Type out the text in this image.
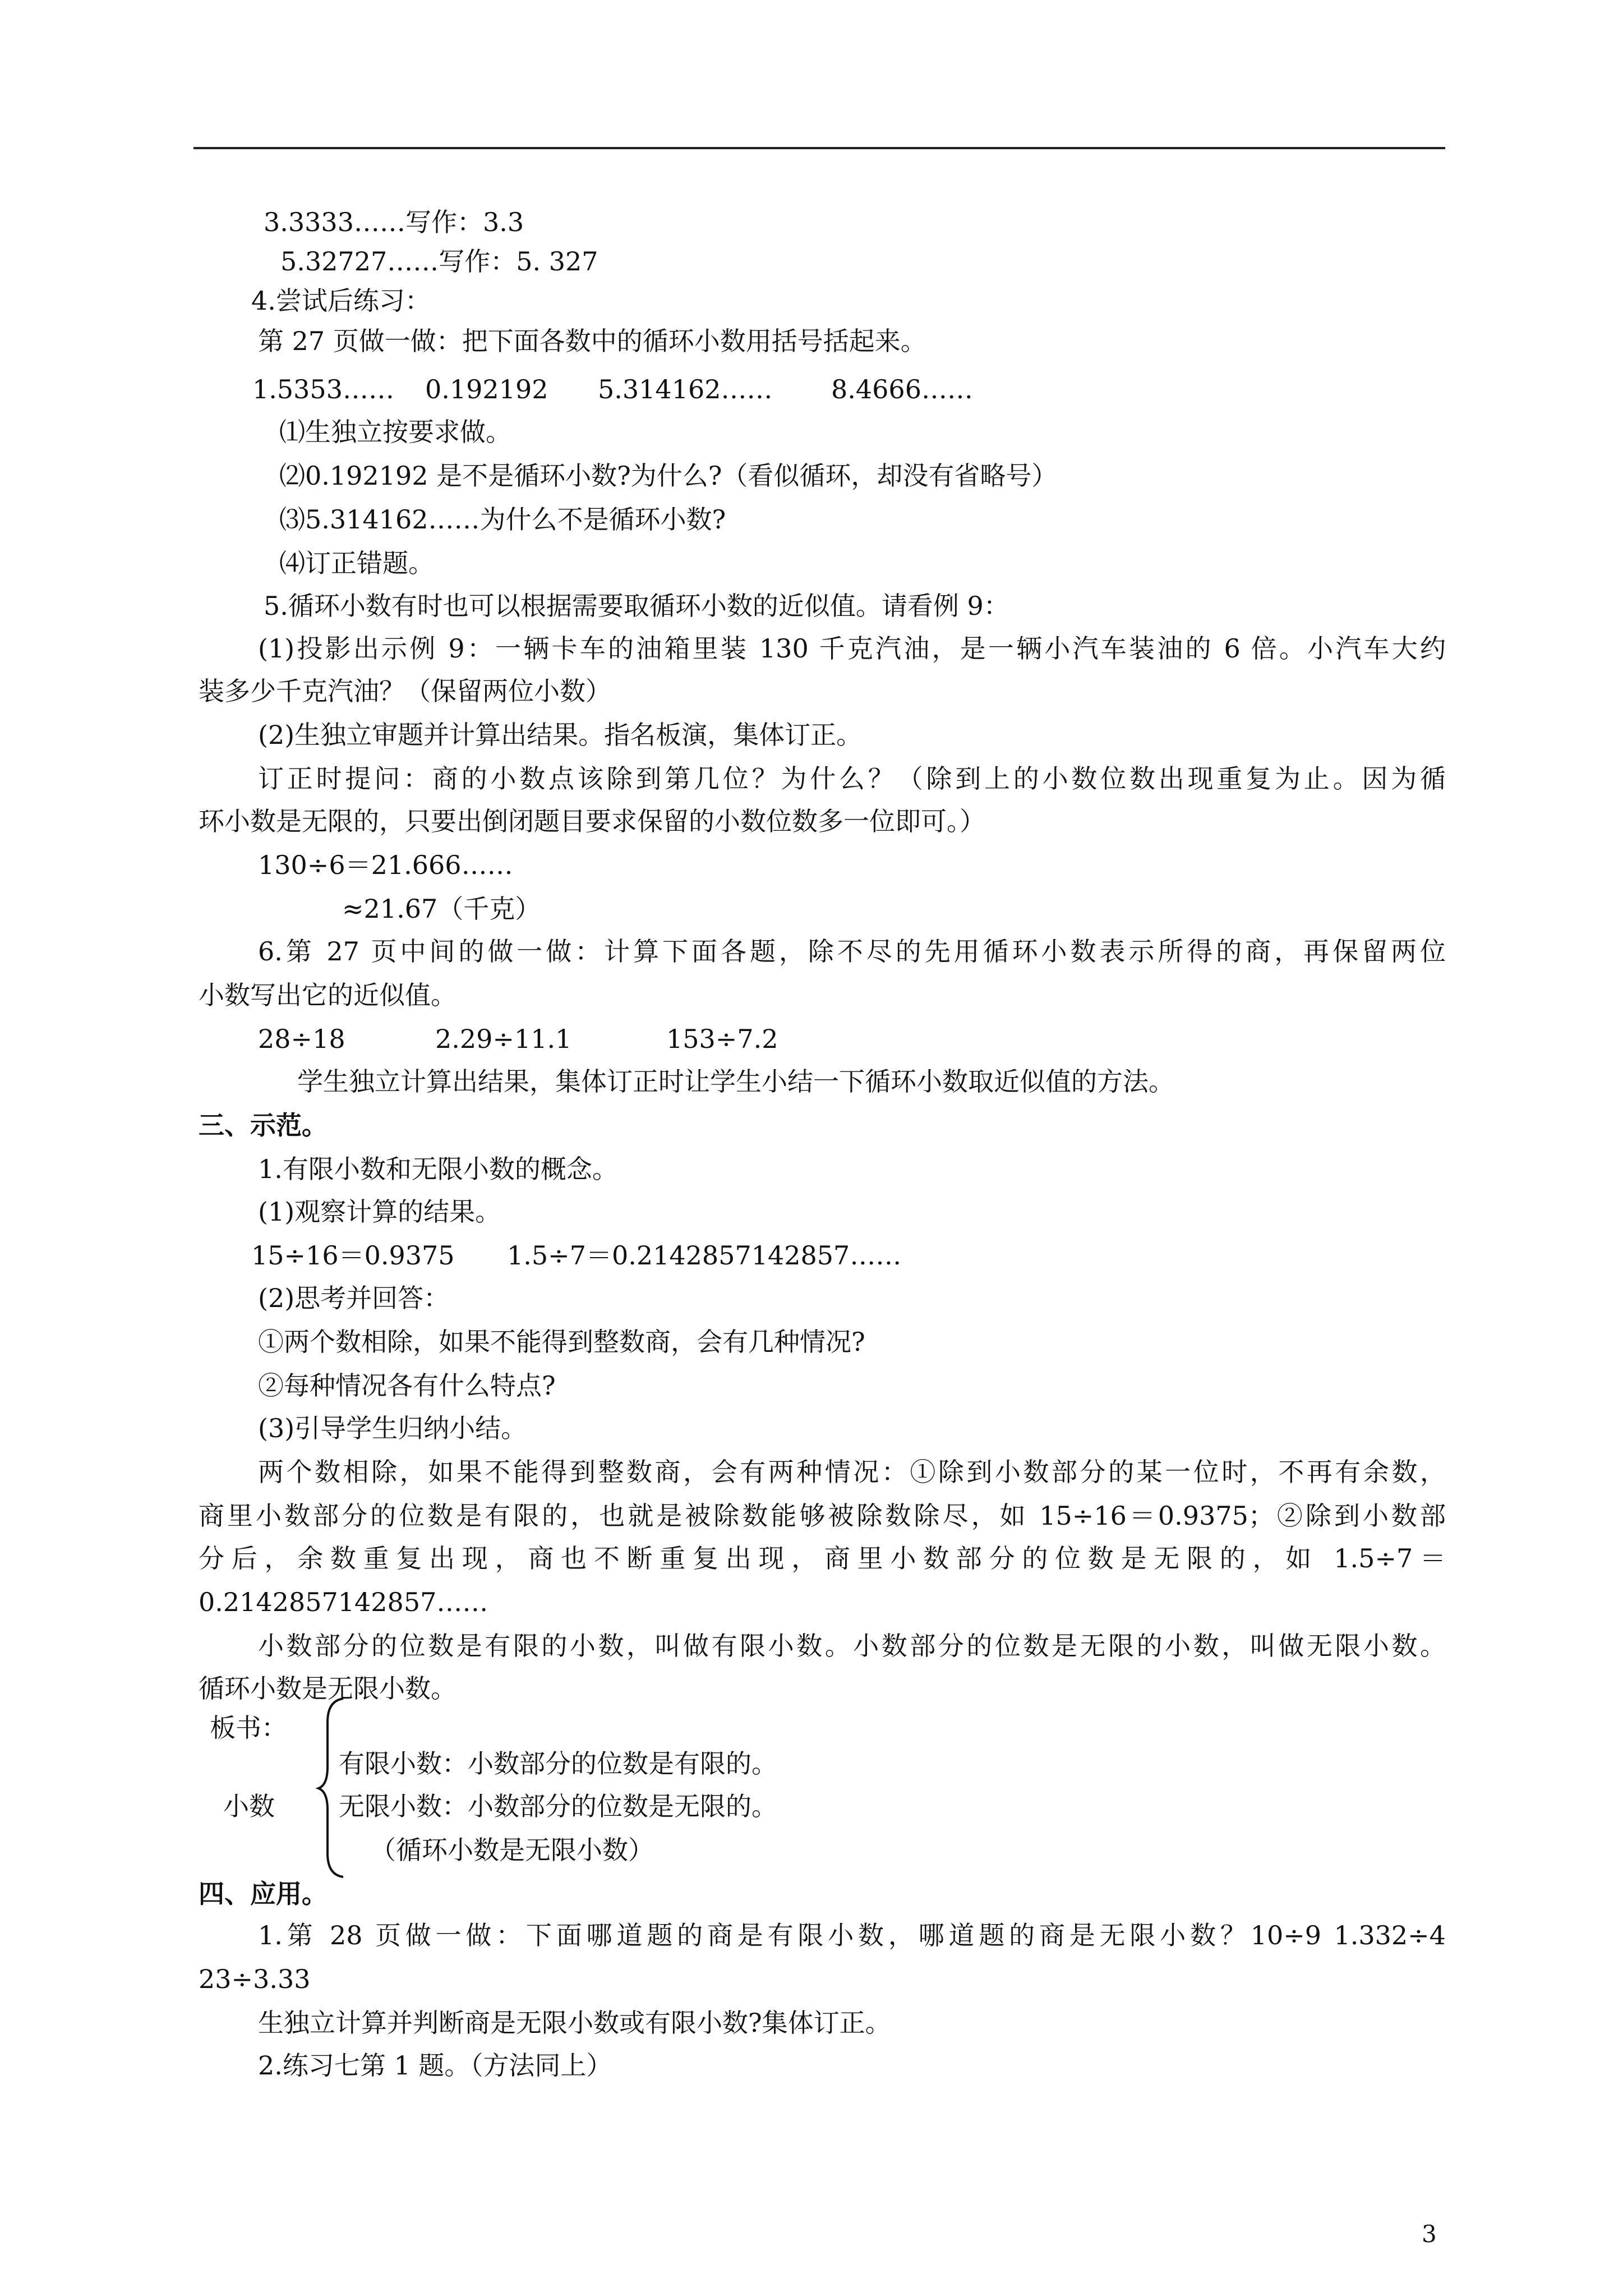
3.3333……写作：3.3
5.32727……写作：5. 327
4.尝试后练习：
第 27 页做一做：把下面各数中的循环小数用括号括起来。
1.5353…… 0.192192 5.314162…… 8.4666……
⑴生独立按要求做。
⑵0.192192 是不是循环小数?为什么?（看似循环，却没有省略号）
⑶5.314162……为什么不是循环小数?
⑷订正错题。
5.循环小数有时也可以根据需要取循环小数的近似值。请看例 9：
(1)投影出示例 9：一辆卡车的油箱里装 130 千克汽油，是一辆小汽车装油的 6 倍。小汽车大约
装多少千克汽油？（保留两位小数）
(2)生独立审题并计算出结果。指名板演，集体订正。
订正时提问：商的小数点该除到第几位？为什么？（除到上的小数位数出现重复为止。因为循
环小数是无限的，只要出倒闭题目要求保留的小数位数多一位即可。）
130÷6＝21.666……
≈21.67（千克）
6.第 27 页中间的做一做：计算下面各题，除不尽的先用循环小数表示所得的商，再保留两位
小数写出它的近似值。
28÷18	2.29÷11.1	153÷7.2
学生独立计算出结果，集体订正时让学生小结一下循环小数取近似值的方法。
三、示范。
1.有限小数和无限小数的概念。
(1)观察计算的结果。
15÷16＝0.9375 1.5÷7＝0.2142857142857……
(2)思考并回答：
①两个数相除，如果不能得到整数商，会有几种情况?
②每种情况各有什么特点?
(3)引导学生归纳小结。
两个数相除，如果不能得到整数商，会有两种情况：①除到小数部分的某一位时，不再有余数，
商里小数部分的位数是有限的，也就是被除数能够被除数除尽，如 15÷16＝0.9375；②除到小数部
分后，余数重复出现，商也不断重复出现，商里小数部分的位数是无限的，如 1.5÷7＝
0.2142857142857……
小数部分的位数是有限的小数，叫做有限小数。小数部分的位数是无限的小数，叫做无限小数。
循环小数是无限小数。
板书：
有限小数：小数部分的位数是有限的。
小数 无限小数：小数部分的位数是无限的。
（循环小数是无限小数）
四、应用。
1.第 28 页做一做：下面哪道题的商是有限小数，哪道题的商是无限小数？10÷9 1.332÷4
23÷3.33
生独立计算并判断商是无限小数或有限小数?集体订正。
2.练习七第 1 题。（方法同上）
3
